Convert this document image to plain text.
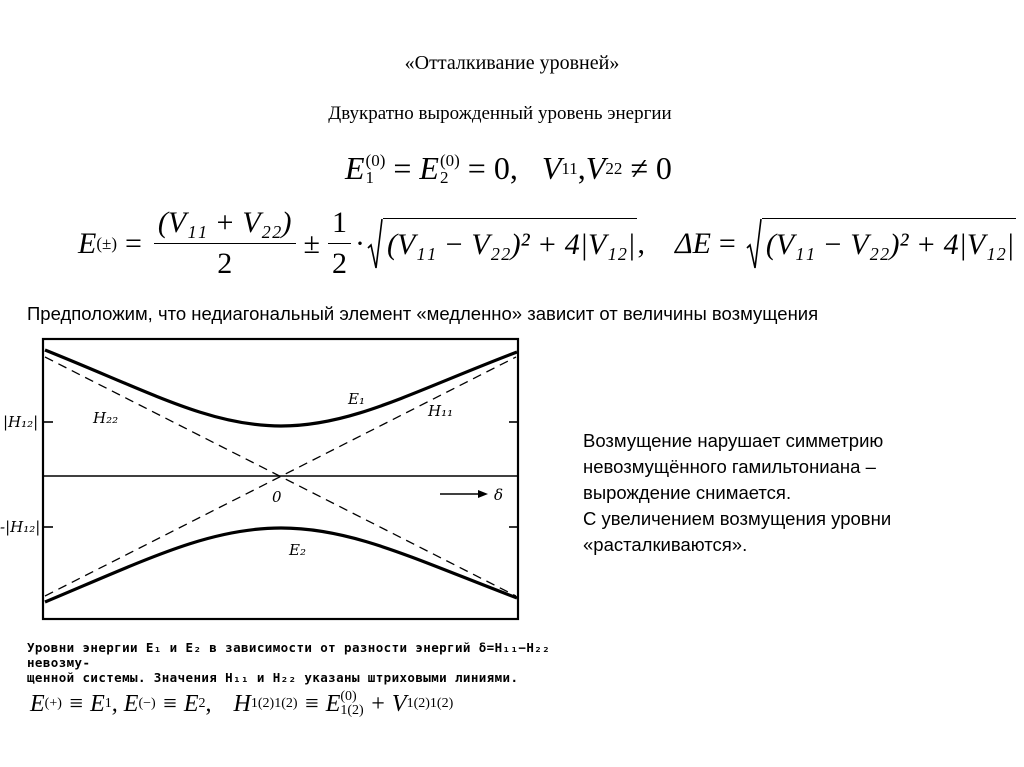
«Отталкивание уровней»
Двукратно вырожденный уровень энергии
E (0)
1 = E (0)
2 = 0, V 11 , V 22 ≠ 0
E (±) = $\frac{\text{(V₁₁ + V₂₂)}}{2} \pm \frac{1}{2} \cdot (V_{11} - V_{22})^2 + 4|V_{12}|$ , ΔE = (V₁₁ − V₂₂)² + 4|V₁₂|
Предположим, что недиагональный элемент «медленно» зависит от величины возмущения
E₁
E₂
H₁₁
H₂₂
0	δ
|H₁₂|
-|H₁₂|
Уровни энергии E₁ и E₂ в зависимости от разности энергий δ=H₁₁−H₂₂ невозму-
щенной системы. Значения H₁₁ и H₂₂ указаны штриховыми линиями.
Возмущение нарушает симметрию
невозмущённого гамильтониана –
вырождение снимается.
С увеличением возмущения уровни
«расталкиваются».
E (+) ≡ E 1 , E (−) ≡ E 2 , H 1(2)1(2) ≡ E (0)
1(2) + V 1(2)1(2)
